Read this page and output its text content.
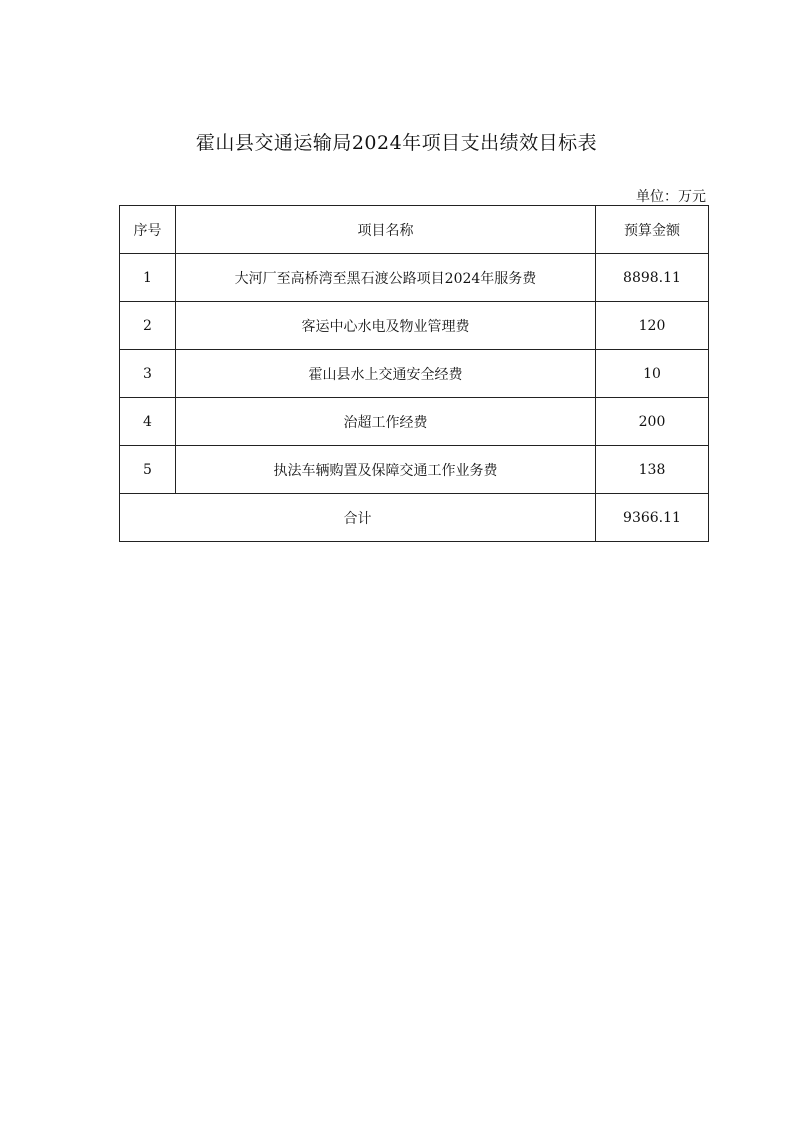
霍山县交通运输局2024年项目支出绩效目标表
单位：万元
序号	项目名称	预算金额
1	大河厂至高桥湾至黑石渡公路项目2024年服务费	8898.11
2	客运中心水电及物业管理费	120
3	霍山县水上交通安全经费	10
4	治超工作经费	200
5	执法车辆购置及保障交通工作业务费	138
合计		9366.11
